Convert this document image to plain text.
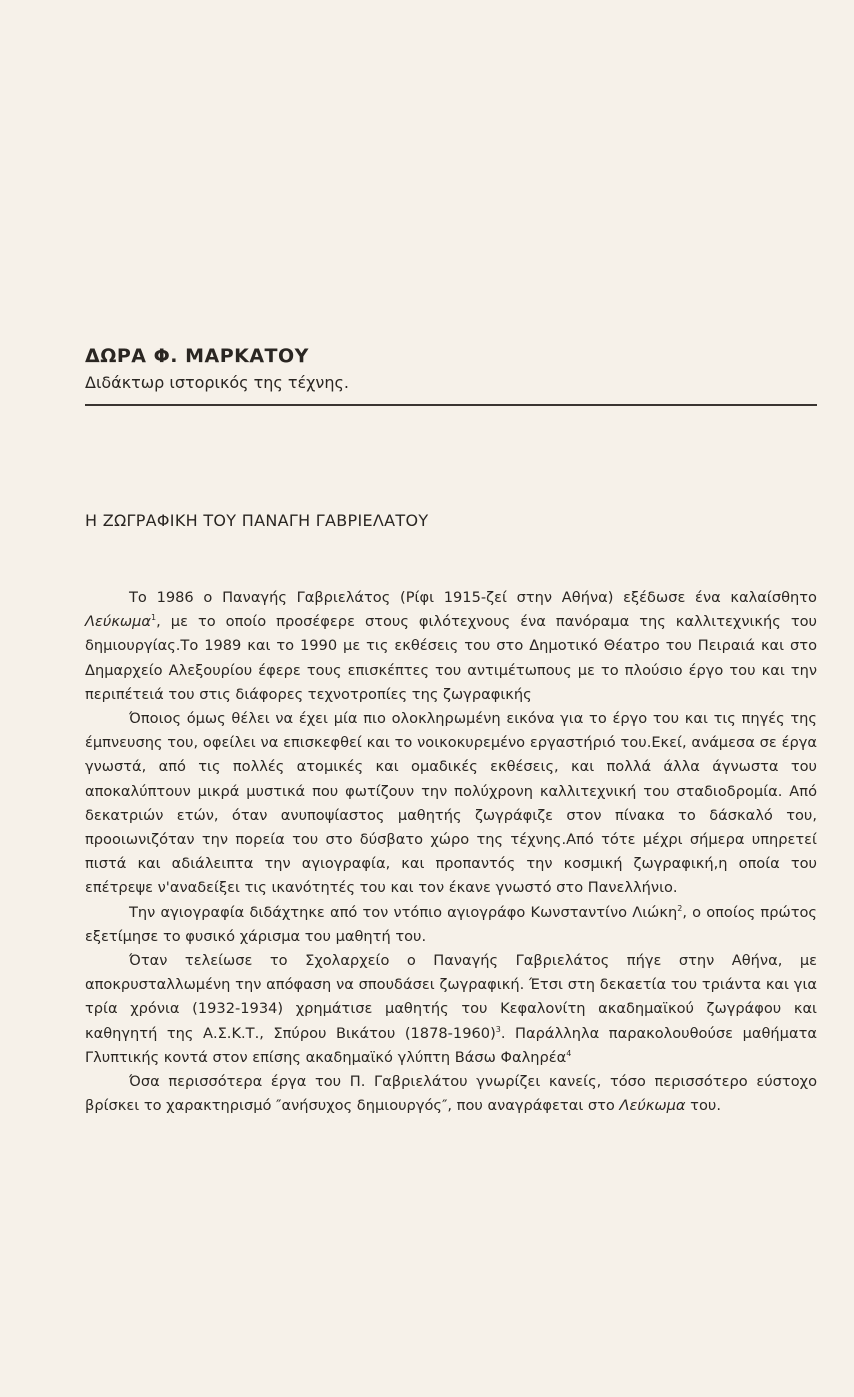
ΔΩΡΑ Φ. ΜΑΡΚΑΤΟΥ
Διδάκτωρ ιστορικός της τέχνης.
Η ΖΩΓΡΑΦΙΚΗ ΤΟΥ ΠΑΝΑΓΗ ΓΑΒΡΙΕΛΑΤΟΥ

Το 1986 ο Παναγής Γαβριελάτος (Ρίφι 1915-ζεί στην Αθήνα) εξέδωσε ένα καλαίσθητο Λεύκωμα$^1$, με το οποίο προσέφερε στους φιλότεχνους ένα πανόραμα της καλλιτεχνικής του δημιουργίας.Το 1989 και το 1990 με τις εκθέσεις του στο Δημοτικό Θέατρο του Πειραιά και στο Δημαρχείο Αλεξουρίου έφερε τους επισκέπτες του αντιμέτωπους με το πλούσιο έργο του και την περιπέτειά του στις διάφορες τεχνοτροπίες της ζωγραφικής

Όποιος όμως θέλει να έχει μία πιο ολοκληρωμένη εικόνα για το έργο του και τις πηγές της έμπνευσης του, οφείλει να επισκεφθεί και το νοικοκυρεμένο εργαστήριό του.Εκεί, ανάμεσα σε έργα γνωστά, από τις πολλές ατομικές και ομαδικές εκθέσεις, και πολλά άλλα άγνωστα του αποκαλύπτουν μικρά μυστικά που φωτίζουν την πολύχρονη καλλιτεχνική του σταδιοδρομία. Από δεκατριών ετών, όταν ανυποψίαστος μαθητής ζωγράφιζε στον πίνακα το δάσκαλό του, προοιωνιζόταν την πορεία του στο δύσβατο χώρο της τέχνης.Από τότε μέχρι σήμερα υπηρετεί πιστά και αδιάλειπτα την αγιογραφία, και προπαντός την κοσμική ζωγραφική,η οποία του επέτρεψε ν'αναδείξει τις ικανότητές του και τον έκανε γνωστό στο Πανελλήνιο.

Την αγιογραφία διδάχτηκε από τον ντόπιο αγιογράφο Κωνσταντίνο Λιώκη$^2$, ο οποίος πρώτος εξετίμησε το φυσικό χάρισμα του μαθητή του.

Όταν τελείωσε το Σχολαρχείο ο Παναγής Γαβριελάτος πήγε στην Αθήνα, με αποκρυσταλλωμένη την απόφαση να σπουδάσει ζωγραφική. Έτσι στη δεκαετία του τριάντα και για τρία χρόνια (1932-1934) χρημάτισε μαθητής του Κεφαλονίτη ακαδημαϊκού ζωγράφου και καθηγητή της Α.Σ.Κ.Τ., Σπύρου Βικάτου (1878-1960)$^3$. Παράλληλα παρακολουθούσε μαθήματα Γλυπτικής κοντά στον επίσης ακαδημαϊκό γλύπτη Βάσω Φαληρέα$^4$

Όσα περισσότερα έργα του Π. Γαβριελάτου γνωρίζει κανείς, τόσο περισσότερο εύστοχο βρίσκει το χαρακτηρισμό ″ανήσυχος δημιουργός″, που αναγράφεται στο Λεύκωμα του.
